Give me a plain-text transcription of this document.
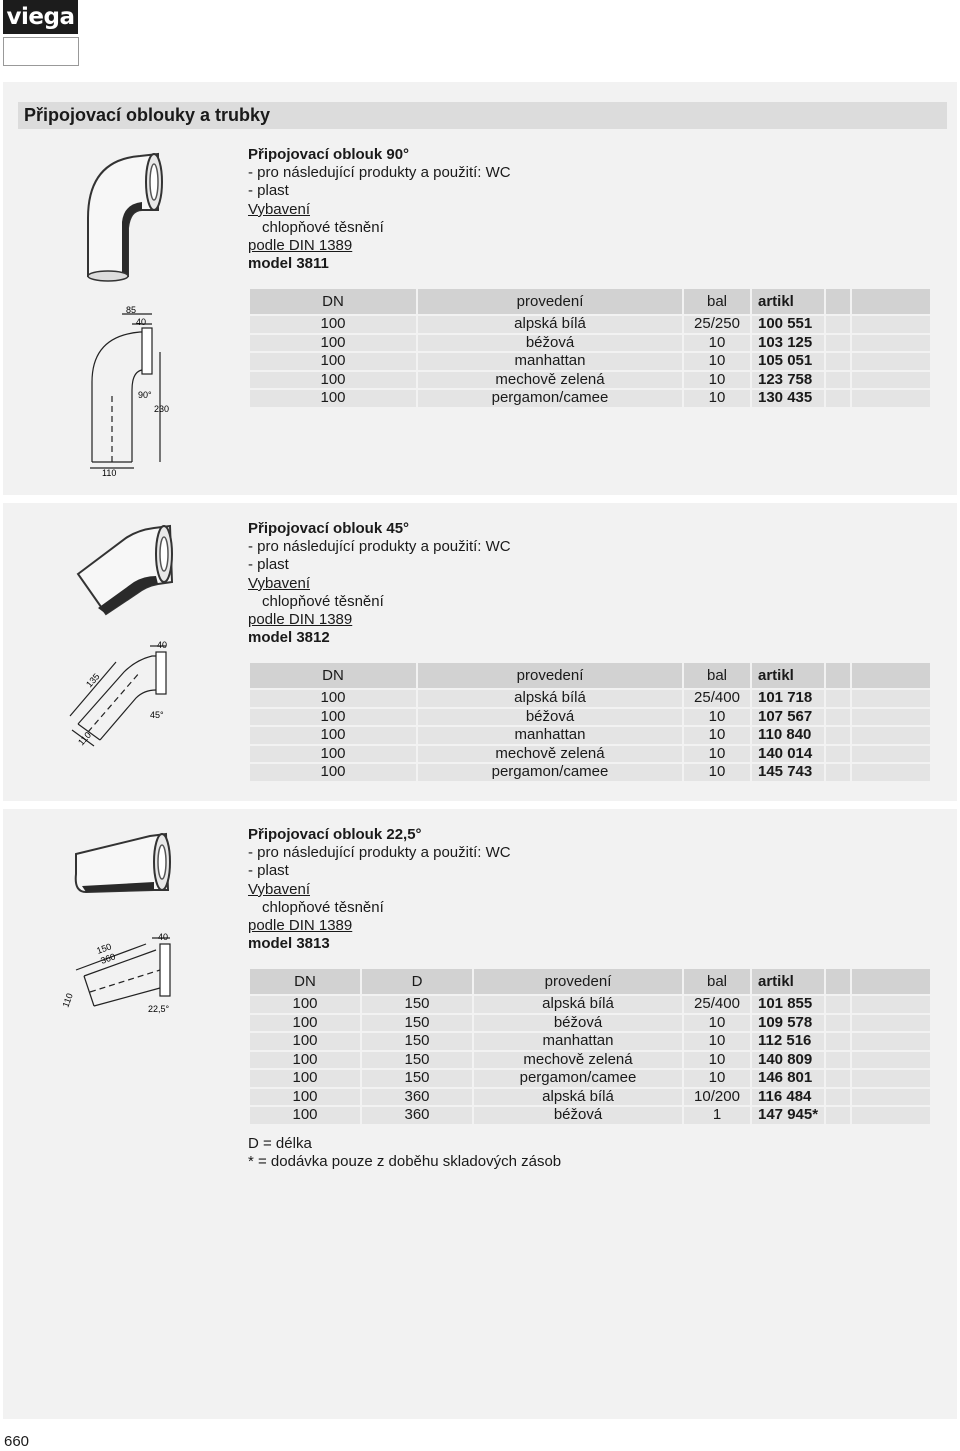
viega
Připojovací oblouky a trubky
85
40
90°
230
110
Připojovací oblouk 90°
- pro následující produkty a použití: WC
- plast
Vybavení
chlopňové těsnění
podle DIN 1389
model 3811
DN	provedení	bal	artikl		
100	alpská bílá	25/250	100 551		
100	béžová	10	103 125		
100	manhattan	10	105 051		
100	mechově zelená	10	123 758		
100	pergamon/camee	10	130 435		
40
135
45°
110
Připojovací oblouk 45°
- pro následující produkty a použití: WC
- plast
Vybavení
chlopňové těsnění
podle DIN 1389
model 3812
DN	provedení	bal	artikl		
100	alpská bílá	25/400	101 718		
100	béžová	10	107 567		
100	manhattan	10	110 840		
100	mechově zelená	10	140 014		
100	pergamon/camee	10	145 743		
40
150
360
22,5°
110
Připojovací oblouk 22,5°
- pro následující produkty a použití: WC
- plast
Vybavení
chlopňové těsnění
podle DIN 1389
model 3813
DN	D	provedení	bal	artikl		
100	150	alpská bílá	25/400	101 855		
100	150	béžová	10	109 578		
100	150	manhattan	10	112 516		
100	150	mechově zelená	10	140 809		
100	150	pergamon/camee	10	146 801		
100	360	alpská bílá	10/200	116 484		
100	360	béžová	1	147 945*		
D = délka
* = dodávka pouze z doběhu skladových zásob
660
